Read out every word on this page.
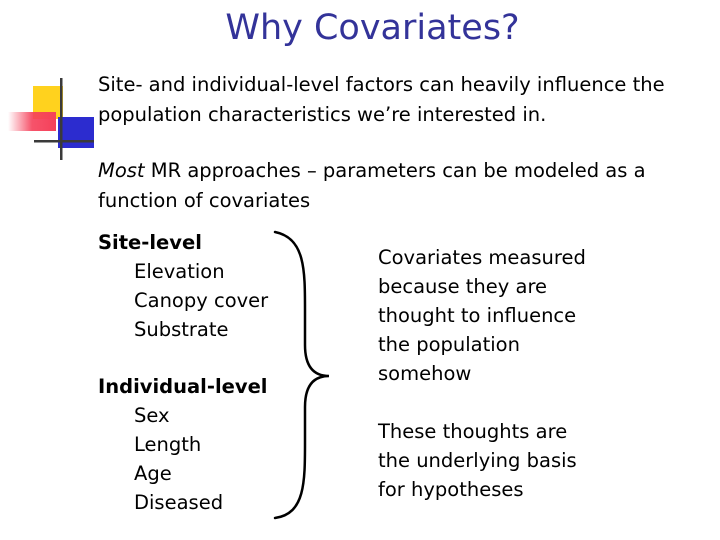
Why Covariates?
Site- and individual-level factors can heavily influence the
population characteristics we’re interested in.
Most MR approaches – parameters can be modeled as a
function of covariates
Site-level
Elevation
Canopy cover
Substrate
Individual-level
Sex
Length
Age
Diseased
Covariates measured
because they are
thought to influence
the population
somehow
These thoughts are
the underlying basis
for hypotheses
